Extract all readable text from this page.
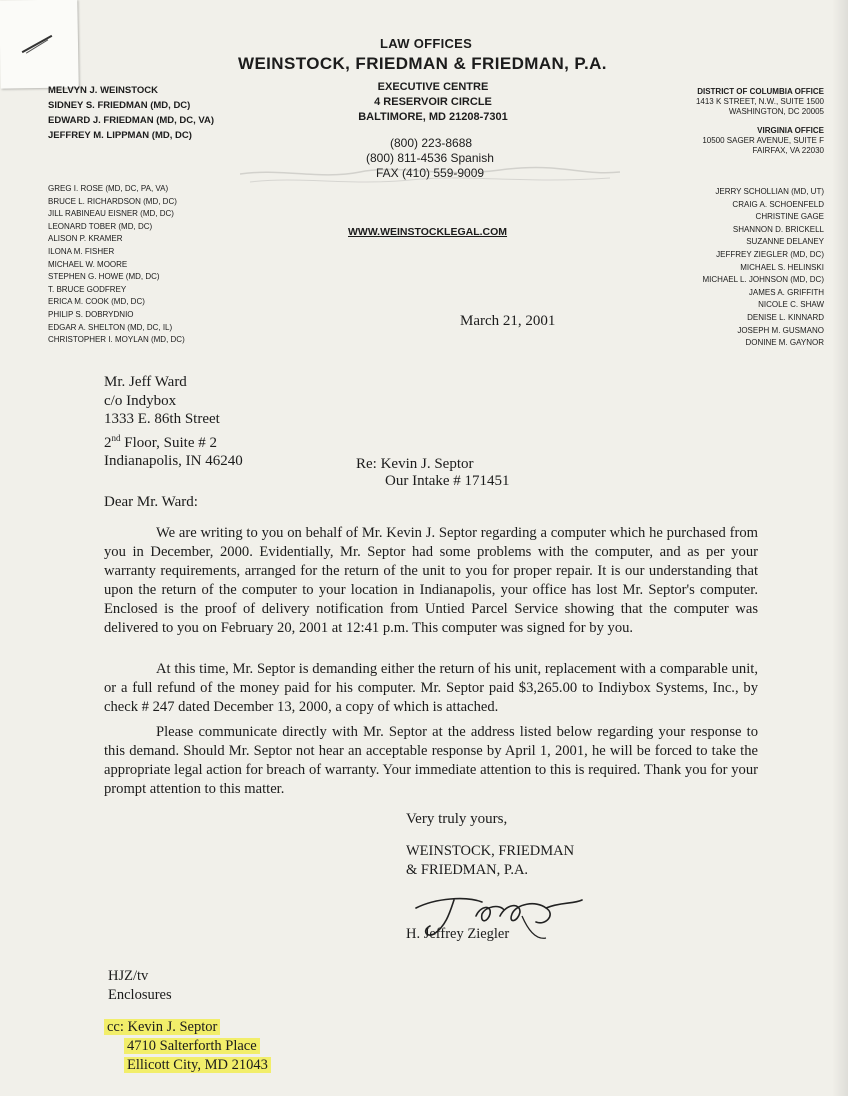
LAW OFFICES
WEINSTOCK, FRIEDMAN & FRIEDMAN, P.A.
EXECUTIVE CENTRE
4 RESERVOIR CIRCLE
BALTIMORE, MD 21208-7301
(800) 223-8688
(800) 811-4536 Spanish
FAX (410) 559-9009
WWW.WEINSTOCKLEGAL.COM
MELVYN J. WEINSTOCK
SIDNEY S. FRIEDMAN (MD, DC)
EDWARD J. FRIEDMAN (MD, DC, VA)
JEFFREY M. LIPPMAN (MD, DC)
DISTRICT OF COLUMBIA OFFICE
1413 K STREET, N.W., SUITE 1500
WASHINGTON, DC 20005
VIRGINIA OFFICE
10500 SAGER AVENUE, SUITE F
FAIRFAX, VA 22030
GREG I. ROSE (MD, DC, PA, VA)
BRUCE L. RICHARDSON (MD, DC)
JILL RABINEAU EISNER (MD, DC)
LEONARD TOBER (MD, DC)
ALISON P. KRAMER
ILONA M. FISHER
MICHAEL W. MOORE
STEPHEN G. HOWE (MD, DC)
T. BRUCE GODFREY
ERICA M. COOK (MD, DC)
PHILIP S. DOBRYDNIO
EDGAR A. SHELTON (MD, DC, IL)
CHRISTOPHER I. MOYLAN (MD, DC)
JERRY SCHOLLIAN (MD, UT)
CRAIG A. SCHOENFELD
CHRISTINE GAGE
SHANNON D. BRICKELL
SUZANNE DELANEY
JEFFREY ZIEGLER (MD, DC)
MICHAEL S. HELINSKI
MICHAEL L. JOHNSON (MD, DC)
JAMES A. GRIFFITH
NICOLE C. SHAW
DENISE L. KINNARD
JOSEPH M. GUSMANO
DONINE M. GAYNOR
March 21, 2001
Mr. Jeff Ward
c/o Indybox
1333 E. 86th Street
2nd Floor, Suite # 2
Indianapolis, IN 46240	Re: Kevin J. Septor
Our Intake # 171451
Dear Mr. Ward:

We are writing to you on behalf of Mr. Kevin J. Septor regarding a computer which he purchased from you in December, 2000. Evidentially, Mr. Septor had some problems with the computer, and as per your warranty requirements, arranged for the return of the unit to you for proper repair. It is our understanding that upon the return of the computer to your location in Indianapolis, your office has lost Mr. Septor's computer. Enclosed is the proof of delivery notification from Untied Parcel Service showing that the computer was delivered to you on February 20, 2001 at 12:41 p.m. This computer was signed for by you.

At this time, Mr. Septor is demanding either the return of his unit, replacement with a comparable unit, or a full refund of the money paid for his computer. Mr. Septor paid $3,265.00 to Indiybox Systems, Inc., by check # 247 dated December 13, 2000, a copy of which is attached.

Please communicate directly with Mr. Septor at the address listed below regarding your response to this demand. Should Mr. Septor not hear an acceptable response by April 1, 2001, he will be forced to take the appropriate legal action for breach of warranty. Your immediate attention to this is required. Thank you for your prompt attention to this matter.

Very truly yours,
WEINSTOCK, FRIEDMAN
& FRIEDMAN, P.A.
H. Jeffrey Ziegler
HJZ/tv
Enclosures
cc: Kevin J. Septor
4710 Salterforth Place
Ellicott City, MD 21043
